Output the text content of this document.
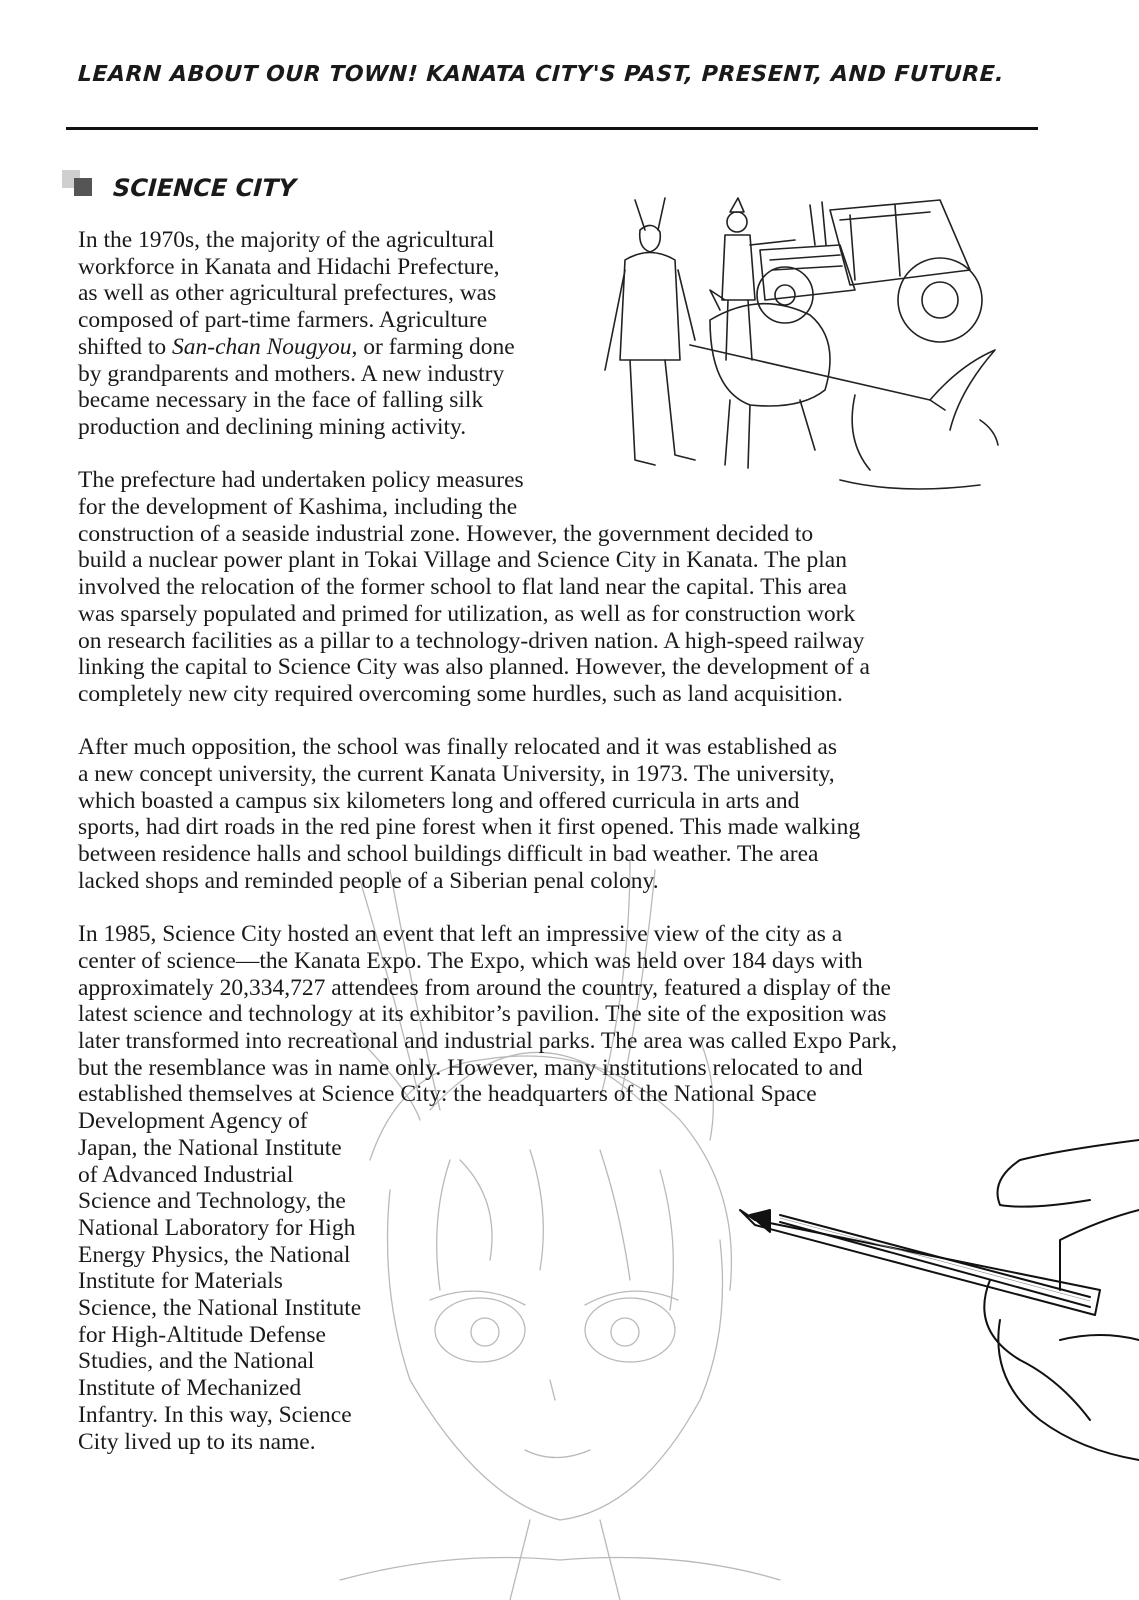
LEARN ABOUT OUR TOWN! KANATA CITY'S PAST, PRESENT, AND FUTURE.
SCIENCE CITY

In the 1970s, the majority of the agricultural
workforce in Kanata and Hidachi Prefecture,
as well as other agricultural prefectures, was
composed of part-time farmers. Agriculture
shifted to San-chan Nougyou, or farming done
by grandparents and mothers. A new industry
became necessary in the face of falling silk
production and declining mining activity.

The prefecture had undertaken policy measures
for the development of Kashima, including the
construction of a seaside industrial zone. However, the government decided to
build a nuclear power plant in Tokai Village and Science City in Kanata. The plan
involved the relocation of the former school to flat land near the capital. This area
was sparsely populated and primed for utilization, as well as for construction work
on research facilities as a pillar to a technology-driven nation. A high-speed railway
linking the capital to Science City was also planned. However, the development of a
completely new city required overcoming some hurdles, such as land acquisition.

After much opposition, the school was finally relocated and it was established as
a new concept university, the current Kanata University, in 1973. The university,
which boasted a campus six kilometers long and offered curricula in arts and
sports, had dirt roads in the red pine forest when it first opened. This made walking
between residence halls and school buildings difficult in bad weather. The area
lacked shops and reminded people of a Siberian penal colony.

In 1985, Science City hosted an event that left an impressive view of the city as a
center of science—the Kanata Expo. The Expo, which was held over 184 days with
approximately 20,334,727 attendees from around the country, featured a display of the
latest science and technology at its exhibitor’s pavilion. The site of the exposition was
later transformed into recreational and industrial parks. The area was called Expo Park,
but the resemblance was in name only. However, many institutions relocated to and
established themselves at Science City: the headquarters of the National Space
Development Agency of
Japan, the National Institute
of Advanced Industrial
Science and Technology, the
National Laboratory for High
Energy Physics, the National
Institute for Materials
Science, the National Institute
for High-Altitude Defense
Studies, and the National
Institute of Mechanized
Infantry. In this way, Science
City lived up to its name.
